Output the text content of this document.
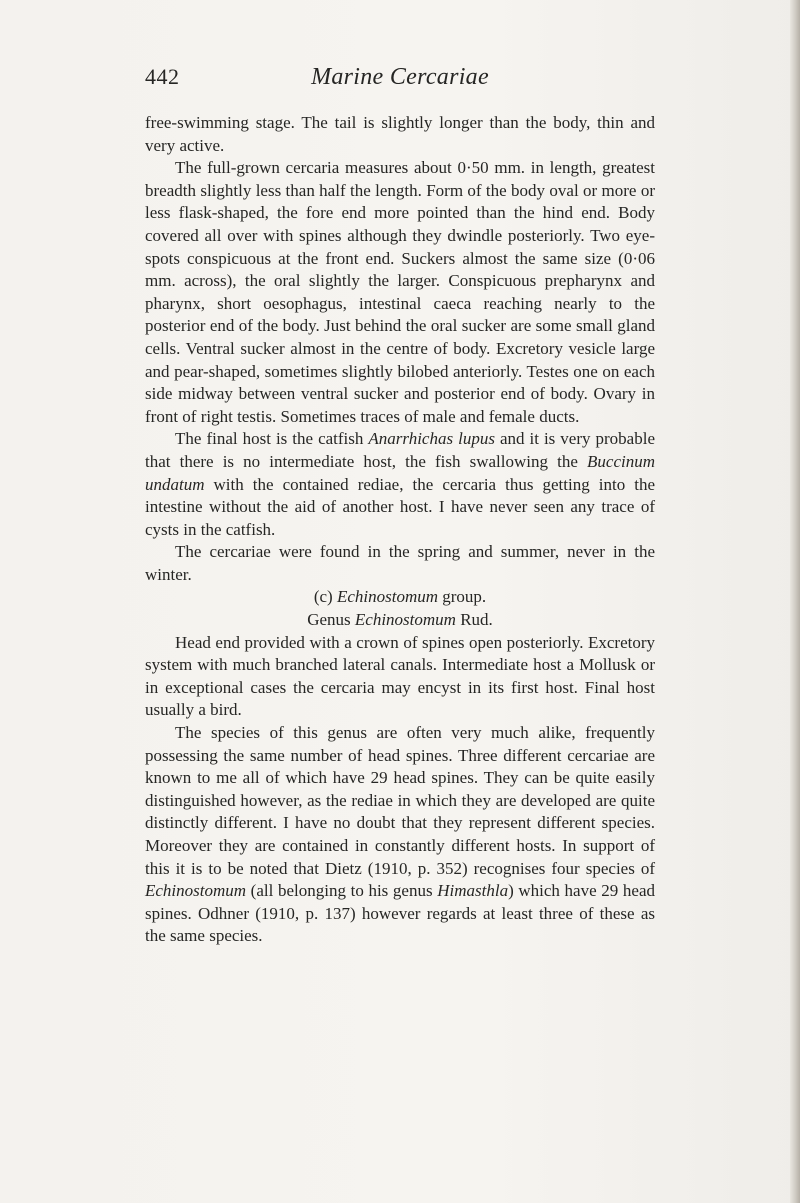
442	Marine Cercariae

free-swimming stage. The tail is slightly longer than the body, thin and very active.

The full-grown cercaria measures about 0·50 mm. in length, greatest breadth slightly less than half the length. Form of the body oval or more or less flask-shaped, the fore end more pointed than the hind end. Body covered all over with spines although they dwindle posteriorly. Two eye-spots conspicuous at the front end. Suckers almost the same size (0·06 mm. across), the oral slightly the larger. Conspicuous prepharynx and pharynx, short oesophagus, intestinal caeca reaching nearly to the posterior end of the body. Just behind the oral sucker are some small gland cells. Ventral sucker almost in the centre of body. Excretory vesicle large and pear-shaped, sometimes slightly bilobed anteriorly. Testes one on each side midway between ventral sucker and posterior end of body. Ovary in front of right testis. Sometimes traces of male and female ducts.

The final host is the catfish Anarrhichas lupus and it is very probable that there is no intermediate host, the fish swallowing the Buccinum undatum with the contained rediae, the cercaria thus getting into the intestine without the aid of another host. I have never seen any trace of cysts in the catfish.

The cercariae were found in the spring and summer, never in the winter.

(c) Echinostomum group.

Genus Echinostomum Rud.

Head end provided with a crown of spines open posteriorly. Excretory system with much branched lateral canals. Intermediate host a Mollusk or in exceptional cases the cercaria may encyst in its first host. Final host usually a bird.

The species of this genus are often very much alike, frequently possessing the same number of head spines. Three different cercariae are known to me all of which have 29 head spines. They can be quite easily distinguished however, as the rediae in which they are developed are quite distinctly different. I have no doubt that they represent different species. Moreover they are contained in constantly different hosts. In support of this it is to be noted that Dietz (1910, p. 352) recognises four species of Echinostomum (all belonging to his genus Himasthla) which have 29 head spines. Odhner (1910, p. 137) however regards at least three of these as the same species.
